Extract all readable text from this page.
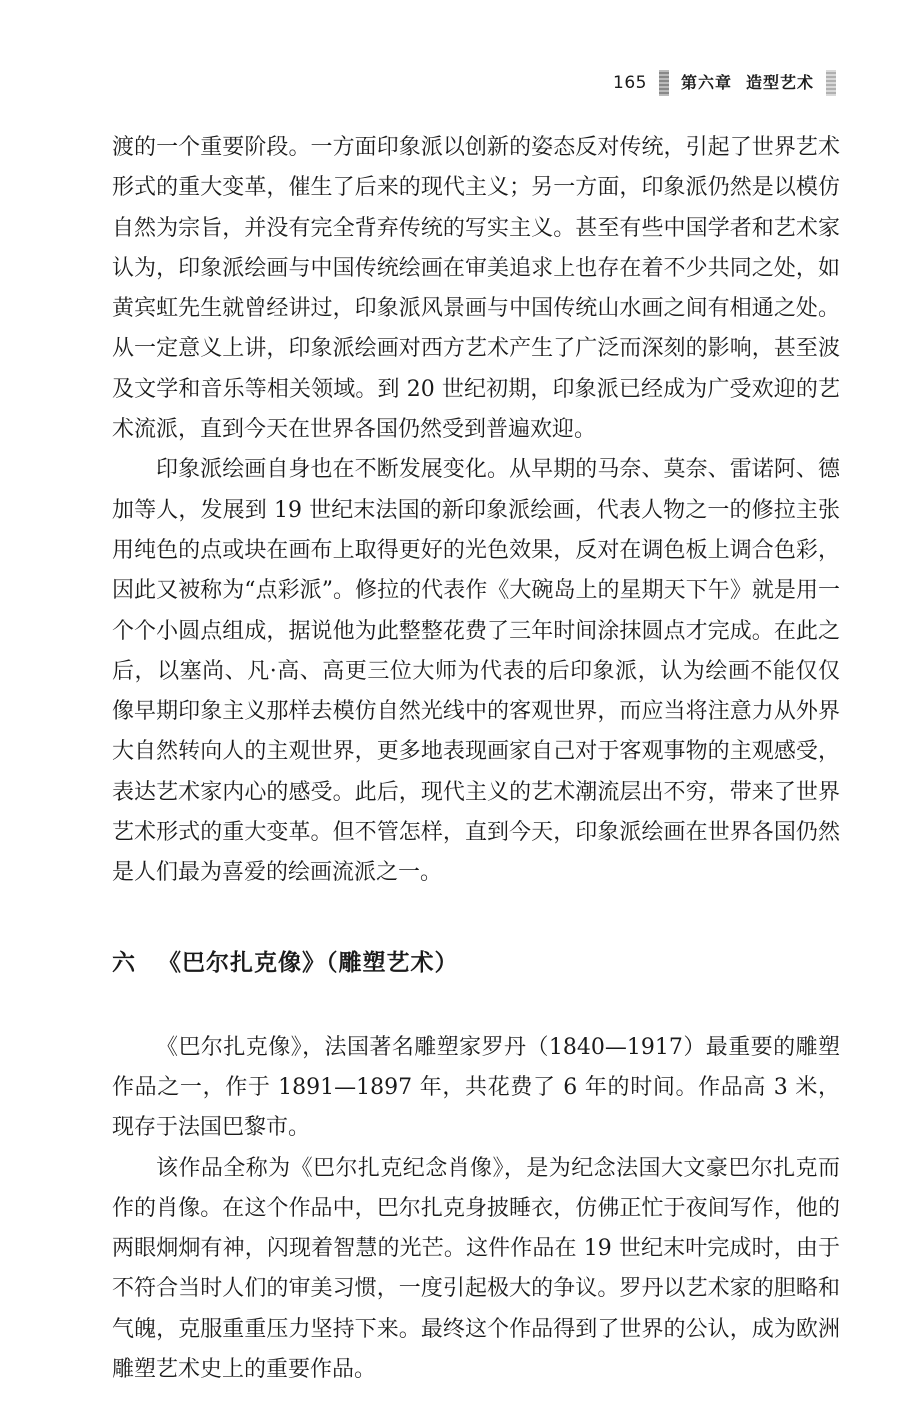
165 第六章 造型艺术

渡的一个重要阶段。一方面印象派以创新的姿态反对传统，引起了世界艺术形式的重大变革，催生了后来的现代主义；另一方面，印象派仍然是以模仿自然为宗旨，并没有完全背弃传统的写实主义。甚至有些中国学者和艺术家认为，印象派绘画与中国传统绘画在审美追求上也存在着不少共同之处，如黄宾虹先生就曾经讲过，印象派风景画与中国传统山水画之间有相通之处。从一定意义上讲，印象派绘画对西方艺术产生了广泛而深刻的影响，甚至波及文学和音乐等相关领域。到 20 世纪初期，印象派已经成为广受欢迎的艺术流派，直到今天在世界各国仍然受到普遍欢迎。

印象派绘画自身也在不断发展变化。从早期的马奈、莫奈、雷诺阿、德加等人，发展到 19 世纪末法国的新印象派绘画，代表人物之一的修拉主张用纯色的点或块在画布上取得更好的光色效果，反对在调色板上调合色彩，因此又被称为“点彩派”。修拉的代表作《大碗岛上的星期天下午》就是用一个个小圆点组成，据说他为此整整花费了三年时间涂抹圆点才完成。在此之后，以塞尚、凡·高、高更三位大师为代表的后印象派，认为绘画不能仅仅像早期印象主义那样去模仿自然光线中的客观世界，而应当将注意力从外界大自然转向人的主观世界，更多地表现画家自己对于客观事物的主观感受，表达艺术家内心的感受。此后，现代主义的艺术潮流层出不穷，带来了世界艺术形式的重大变革。但不管怎样，直到今天，印象派绘画在世界各国仍然是人们最为喜爱的绘画流派之一。

六 《巴尔扎克像》（雕塑艺术）

《巴尔扎克像》，法国著名雕塑家罗丹（1840—1917）最重要的雕塑作品之一，作于 1891—1897 年，共花费了 6 年的时间。作品高 3 米，现存于法国巴黎市。

该作品全称为《巴尔扎克纪念肖像》，是为纪念法国大文豪巴尔扎克而作的肖像。在这个作品中，巴尔扎克身披睡衣，仿佛正忙于夜间写作，他的两眼炯炯有神，闪现着智慧的光芒。这件作品在 19 世纪末叶完成时，由于不符合当时人们的审美习惯，一度引起极大的争议。罗丹以艺术家的胆略和气魄，克服重重压力坚持下来。最终这个作品得到了世界的公认，成为欧洲雕塑艺术史上的重要作品。
